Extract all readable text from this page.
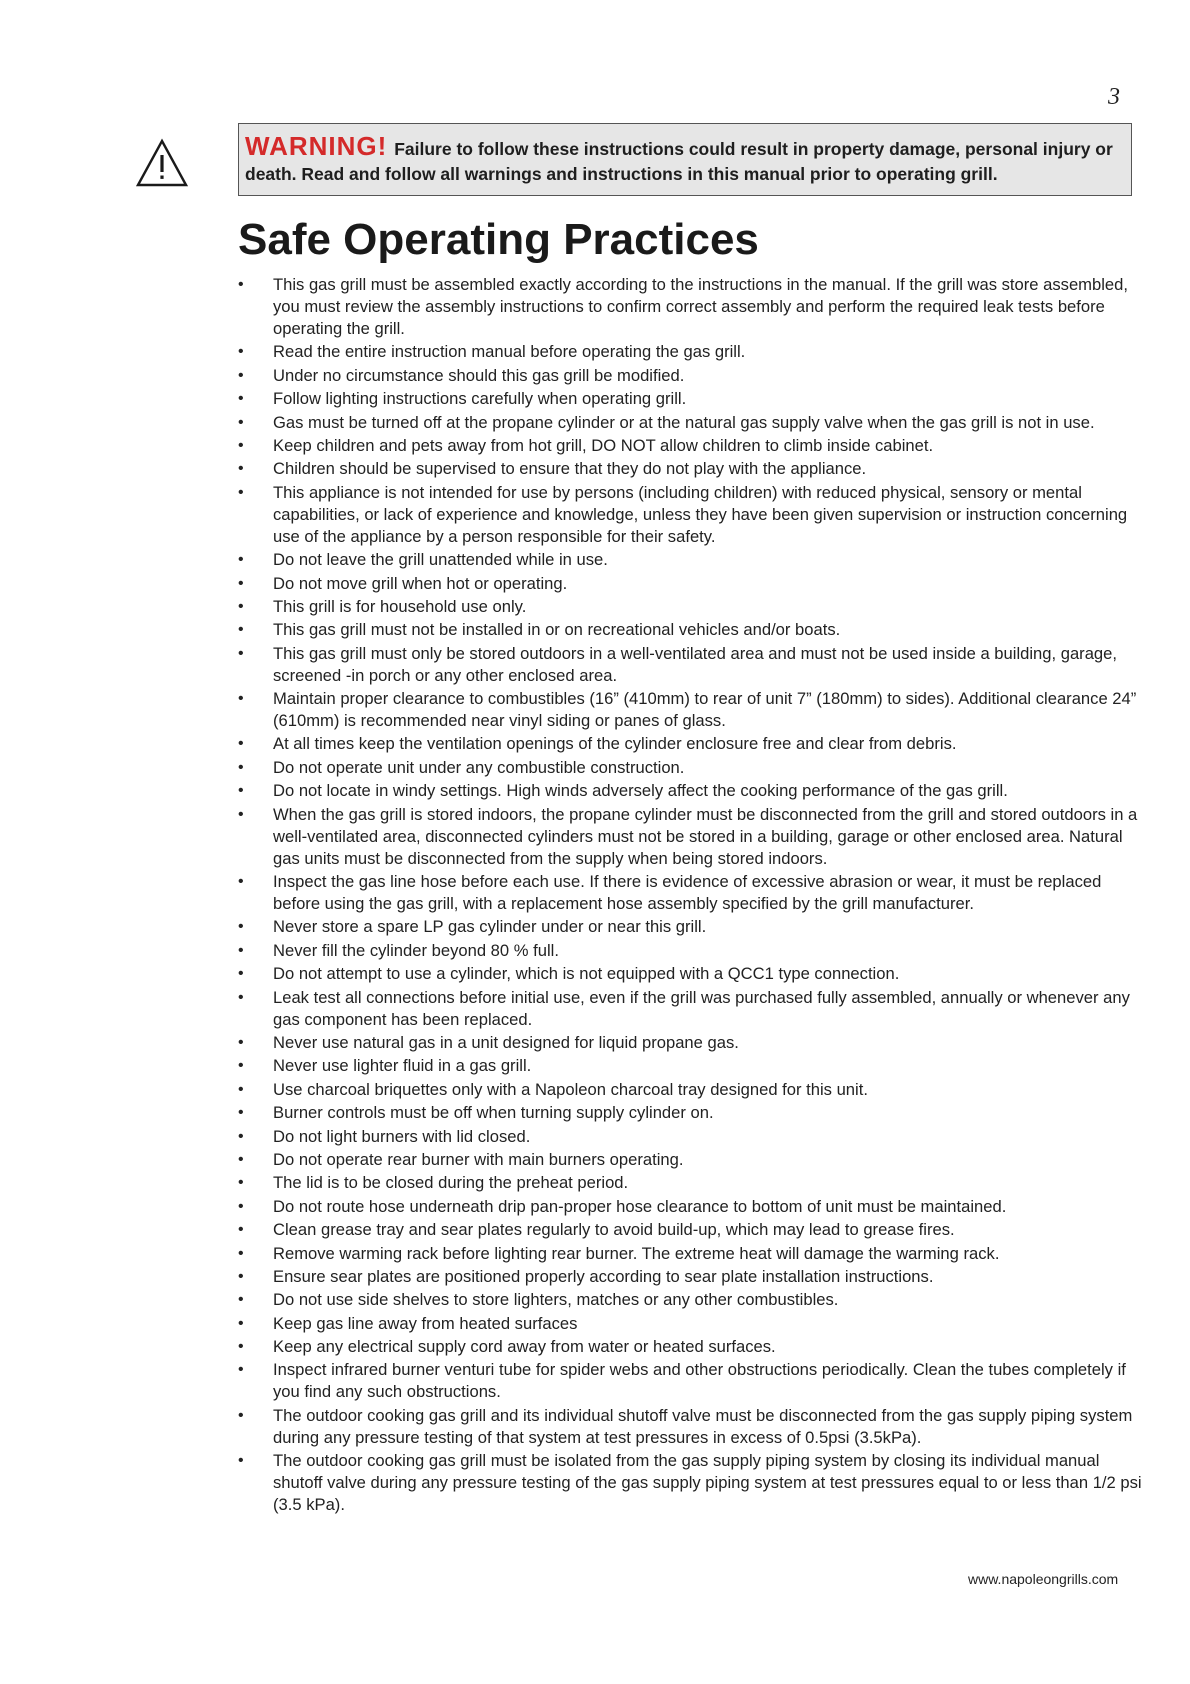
3
WARNING! Failure to follow these instructions could result in property damage, personal injury or death. Read and follow all warnings and instructions in this manual prior to operating grill.
Safe Operating Practices
• This gas grill must be assembled exactly according to the instructions in the manual. If the grill was store assembled, you must review the assembly instructions to confirm correct assembly and perform the required leak tests before operating the grill.
• Read the entire instruction manual before operating the gas grill.
• Under no circumstance should this gas grill be modified.
• Follow lighting instructions carefully when operating grill.
• Gas must be turned off at the propane cylinder or at the natural gas supply valve when the gas grill is not in use.
• Keep children and pets away from hot grill, DO NOT allow children to climb inside cabinet.
• Children should be supervised to ensure that they do not play with the appliance.
• This appliance is not intended for use by persons (including children) with reduced physical, sensory or mental capabilities, or lack of experience and knowledge, unless they have been given supervision or instruction concerning use of the appliance by a person responsible for their safety.
• Do not leave the grill unattended while in use.
• Do not move grill when hot or operating.
• This grill is for household use only.
• This gas grill must not be installed in or on recreational vehicles and/or boats.
• This gas grill must only be stored outdoors in a well-ventilated area and must not be used inside a building, garage, screened -in porch or any other enclosed area.
• Maintain proper clearance to combustibles (16” (410mm) to rear of unit 7” (180mm) to sides). Additional clearance 24” (610mm) is recommended near vinyl siding or panes of glass.
• At all times keep the ventilation openings of the cylinder enclosure free and clear from debris.
• Do not operate unit under any combustible construction.
• Do not locate in windy settings. High winds adversely affect the cooking performance of the gas grill.
• When the gas grill is stored indoors, the propane cylinder must be disconnected from the grill and stored outdoors in a well-ventilated area, disconnected cylinders must not be stored in a building, garage or other enclosed area. Natural gas units must be disconnected from the supply when being stored indoors.
• Inspect the gas line hose before each use. If there is evidence of excessive abrasion or wear, it must be replaced before using the gas grill, with a replacement hose assembly specified by the grill manufacturer.
• Never store a spare LP gas cylinder under or near this grill.
• Never fill the cylinder beyond 80 % full.
• Do not attempt to use a cylinder, which is not equipped with a QCC1 type connection.
• Leak test all connections before initial use, even if the grill was purchased fully assembled, annually or whenever any gas component has been replaced.
• Never use natural gas in a unit designed for liquid propane gas.
• Never use lighter fluid in a gas grill.
• Use charcoal briquettes only with a Napoleon charcoal tray designed for this unit.
• Burner controls must be off when turning supply cylinder on.
• Do not light burners with lid closed.
• Do not operate rear burner with main burners operating.
• The lid is to be closed during the preheat period.
• Do not route hose underneath drip pan-proper hose clearance to bottom of unit must be maintained.
• Clean grease tray and sear plates regularly to avoid build-up, which may lead to grease fires.
• Remove warming rack before lighting rear burner. The extreme heat will damage the warming rack.
• Ensure sear plates are positioned properly according to sear plate installation instructions.
• Do not use side shelves to store lighters, matches or any other combustibles.
• Keep gas line away from heated surfaces
• Keep any electrical supply cord away from water or heated surfaces.
• Inspect infrared burner venturi tube for spider webs and other obstructions periodically. Clean the tubes completely if you find any such obstructions.
• The outdoor cooking gas grill and its individual shutoff valve must be disconnected from the gas supply piping system during any pressure testing of that system at test pressures in excess of 0.5psi (3.5kPa).
• The outdoor cooking gas grill must be isolated from the gas supply piping system by closing its individual manual shutoff valve during any pressure testing of the gas supply piping system at test pressures equal to or less than 1/2 psi (3.5 kPa).
www.napoleongrills.com
